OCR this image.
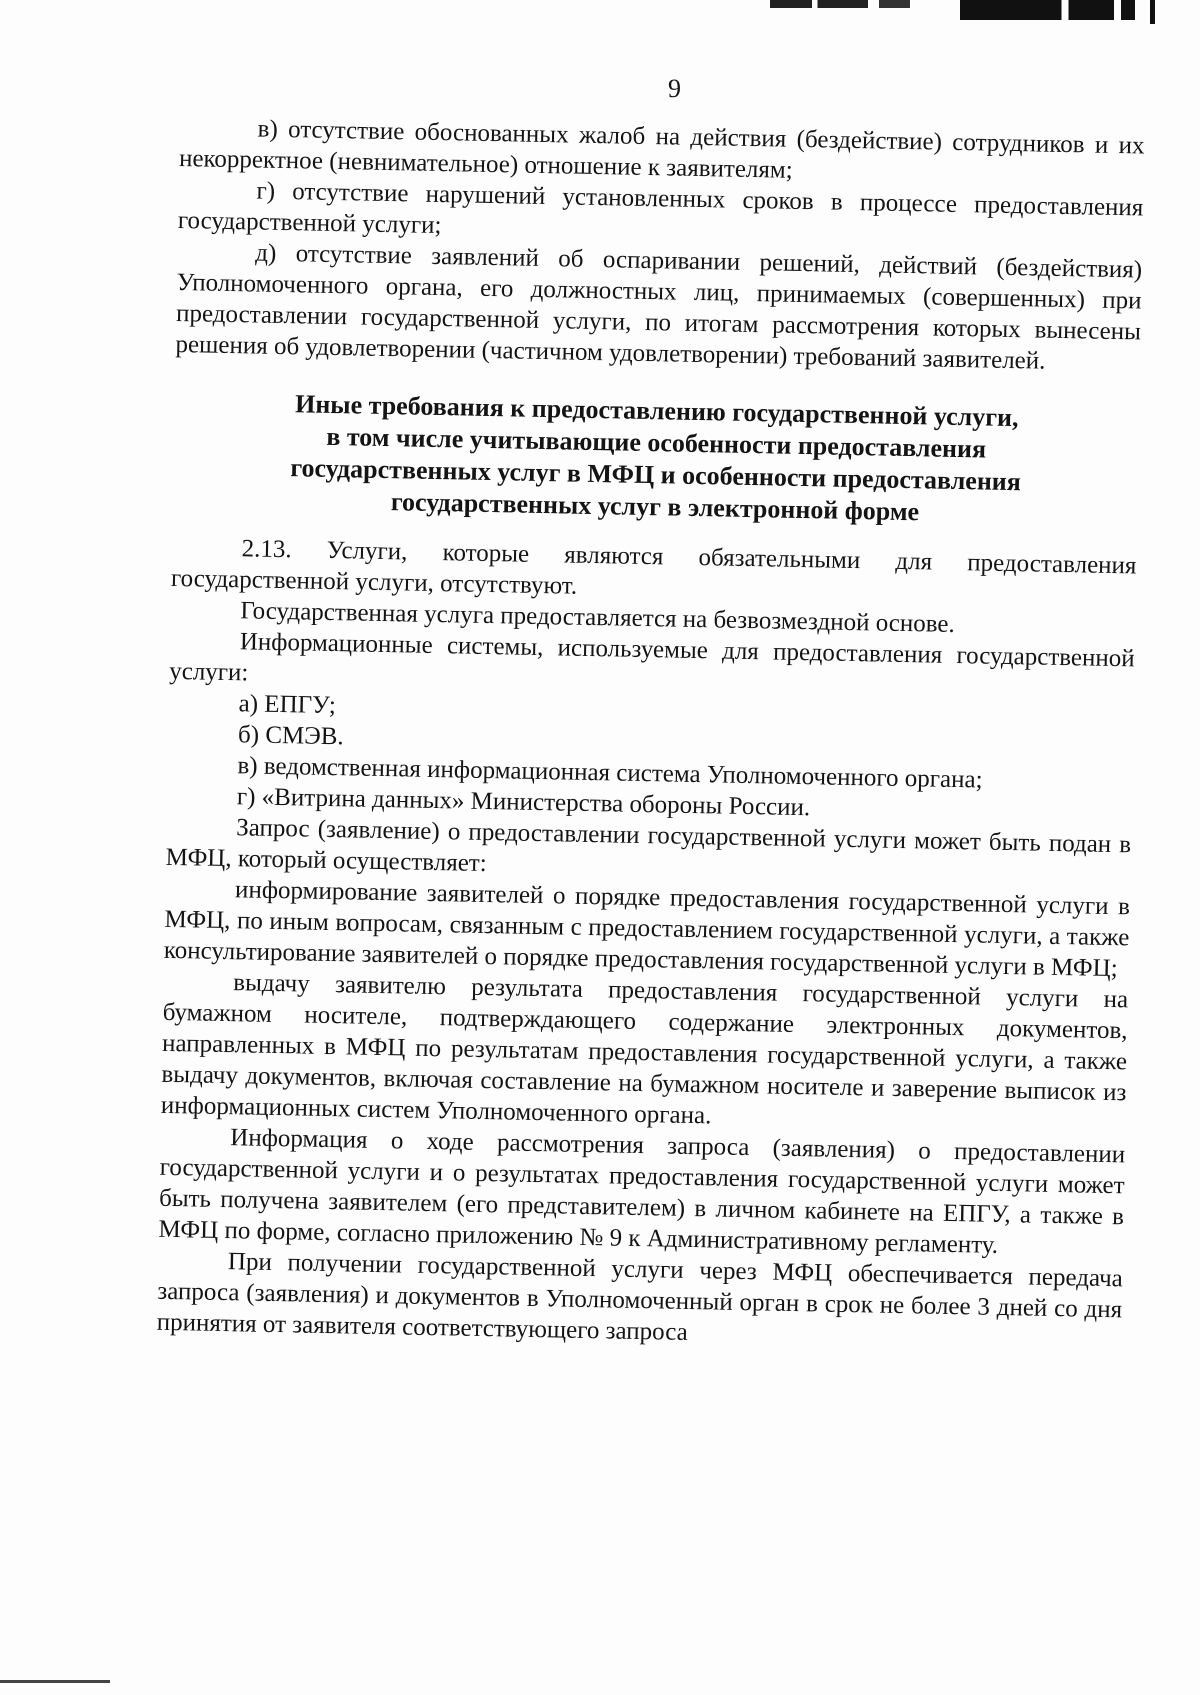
9

в) отсутствие обоснованных жалоб на действия (бездействие) сотрудников и их некорректное (невнимательное) отношение к заявителям;

г) отсутствие нарушений установленных сроков в процессе предоставления государственной услуги;

д) отсутствие заявлений об оспаривании решений, действий (бездействия) Уполномоченного органа, его должностных лиц, принимаемых (совершенных) при предоставлении государственной услуги, по итогам рассмотрения которых вынесены решения об удовлетворении (частичном удовлетворении) требований заявителей.

Иные требования к предоставлению государственной услуги,
в том числе учитывающие особенности предоставления
государственных услуг в МФЦ и особенности предоставления
государственных услуг в электронной форме

2.13. Услуги, которые являются обязательными для предоставления государственной услуги, отсутствуют.

Государственная услуга предоставляется на безвозмездной основе.

Информационные системы, используемые для предоставления государственной услуги:

а) ЕПГУ;

б) СМЭВ.

в) ведомственная информационная система Уполномоченного органа;

г) «Витрина данных» Министерства обороны России.

Запрос (заявление) о предоставлении государственной услуги может быть подан в МФЦ, который осуществляет:

информирование заявителей о порядке предоставления государственной услуги в МФЦ, по иным вопросам, связанным с предоставлением государственной услуги, а также консультирование заявителей о порядке предоставления государственной услуги в МФЦ;

выдачу заявителю результата предоставления государственной услуги на бумажном носителе, подтверждающего содержание электронных документов, направленных в МФЦ по результатам предоставления государственной услуги, а также выдачу документов, включая составление на бумажном носителе и заверение выписок из информационных систем Уполномоченного органа.

Информация о ходе рассмотрения запроса (заявления) о предоставлении государственной услуги и о результатах предоставления государственной услуги может быть получена заявителем (его представителем) в личном кабинете на ЕПГУ, а также в МФЦ по форме, согласно приложению № 9 к Административному регламенту.

При получении государственной услуги через МФЦ обеспечивается передача запроса (заявления) и документов в Уполномоченный орган в срок не более 3 дней со дня принятия от заявителя соответствующего запроса
